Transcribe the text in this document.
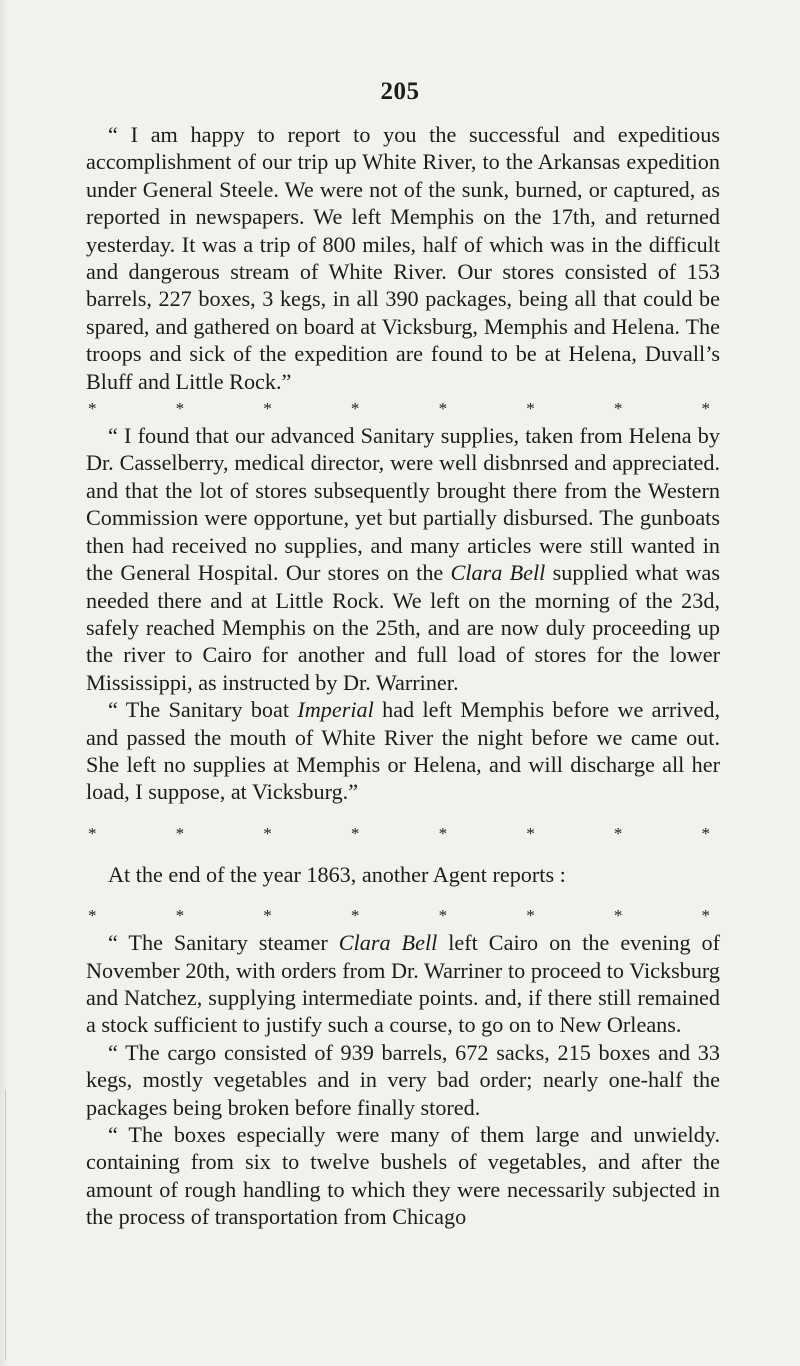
205

“ I am happy to report to you the successful and expeditious accomplishment of our trip up White River, to the Arkansas expedition under General Steele. We were not of the sunk, burned, or captured, as reported in newspapers. We left Memphis on the 17th, and returned yesterday. It was a trip of 800 miles, half of which was in the difficult and dangerous stream of White River. Our stores consisted of 153 barrels, 227 boxes, 3 kegs, in all 390 packages, being all that could be spared, and gathered on board at Vicksburg, Memphis and Helena. The troops and sick of the expedition are found to be at Helena, Duvall’s Bluff and Little Rock.”

*	*	*	*	*	*	*	*

“ I found that our advanced Sanitary supplies, taken from Helena by Dr. Casselberry, medical director, were well disbnrsed and appreciated. and that the lot of stores subsequently brought there from the Western Commission were opportune, yet but partially disbursed. The gunboats then had received no supplies, and many articles were still wanted in the General Hospital. Our stores on the Clara Bell supplied what was needed there and at Little Rock. We left on the morning of the 23d, safely reached Memphis on the 25th, and are now duly proceeding up the river to Cairo for another and full load of stores for the lower Mississippi, as instructed by Dr. Warriner.

“ The Sanitary boat Imperial had left Memphis before we arrived, and passed the mouth of White River the night before we came out. She left no supplies at Memphis or Helena, and will discharge all her load, I suppose, at Vicksburg.”

*	*	*	*	*	*	*	*

At the end of the year 1863, another Agent reports :

*	*	*	*	*	*	*	*

“ The Sanitary steamer Clara Bell left Cairo on the evening of November 20th, with orders from Dr. Warriner to proceed to Vicksburg and Natchez, supplying intermediate points. and, if there still remained a stock sufficient to justify such a course, to go on to New Orleans.

“ The cargo consisted of 939 barrels, 672 sacks, 215 boxes and 33 kegs, mostly vegetables and in very bad order; nearly one-half the packages being broken before finally stored.

“ The boxes especially were many of them large and unwieldy. containing from six to twelve bushels of vegetables, and after the amount of rough handling to which they were necessarily subjected in the process of transportation from Chicago
